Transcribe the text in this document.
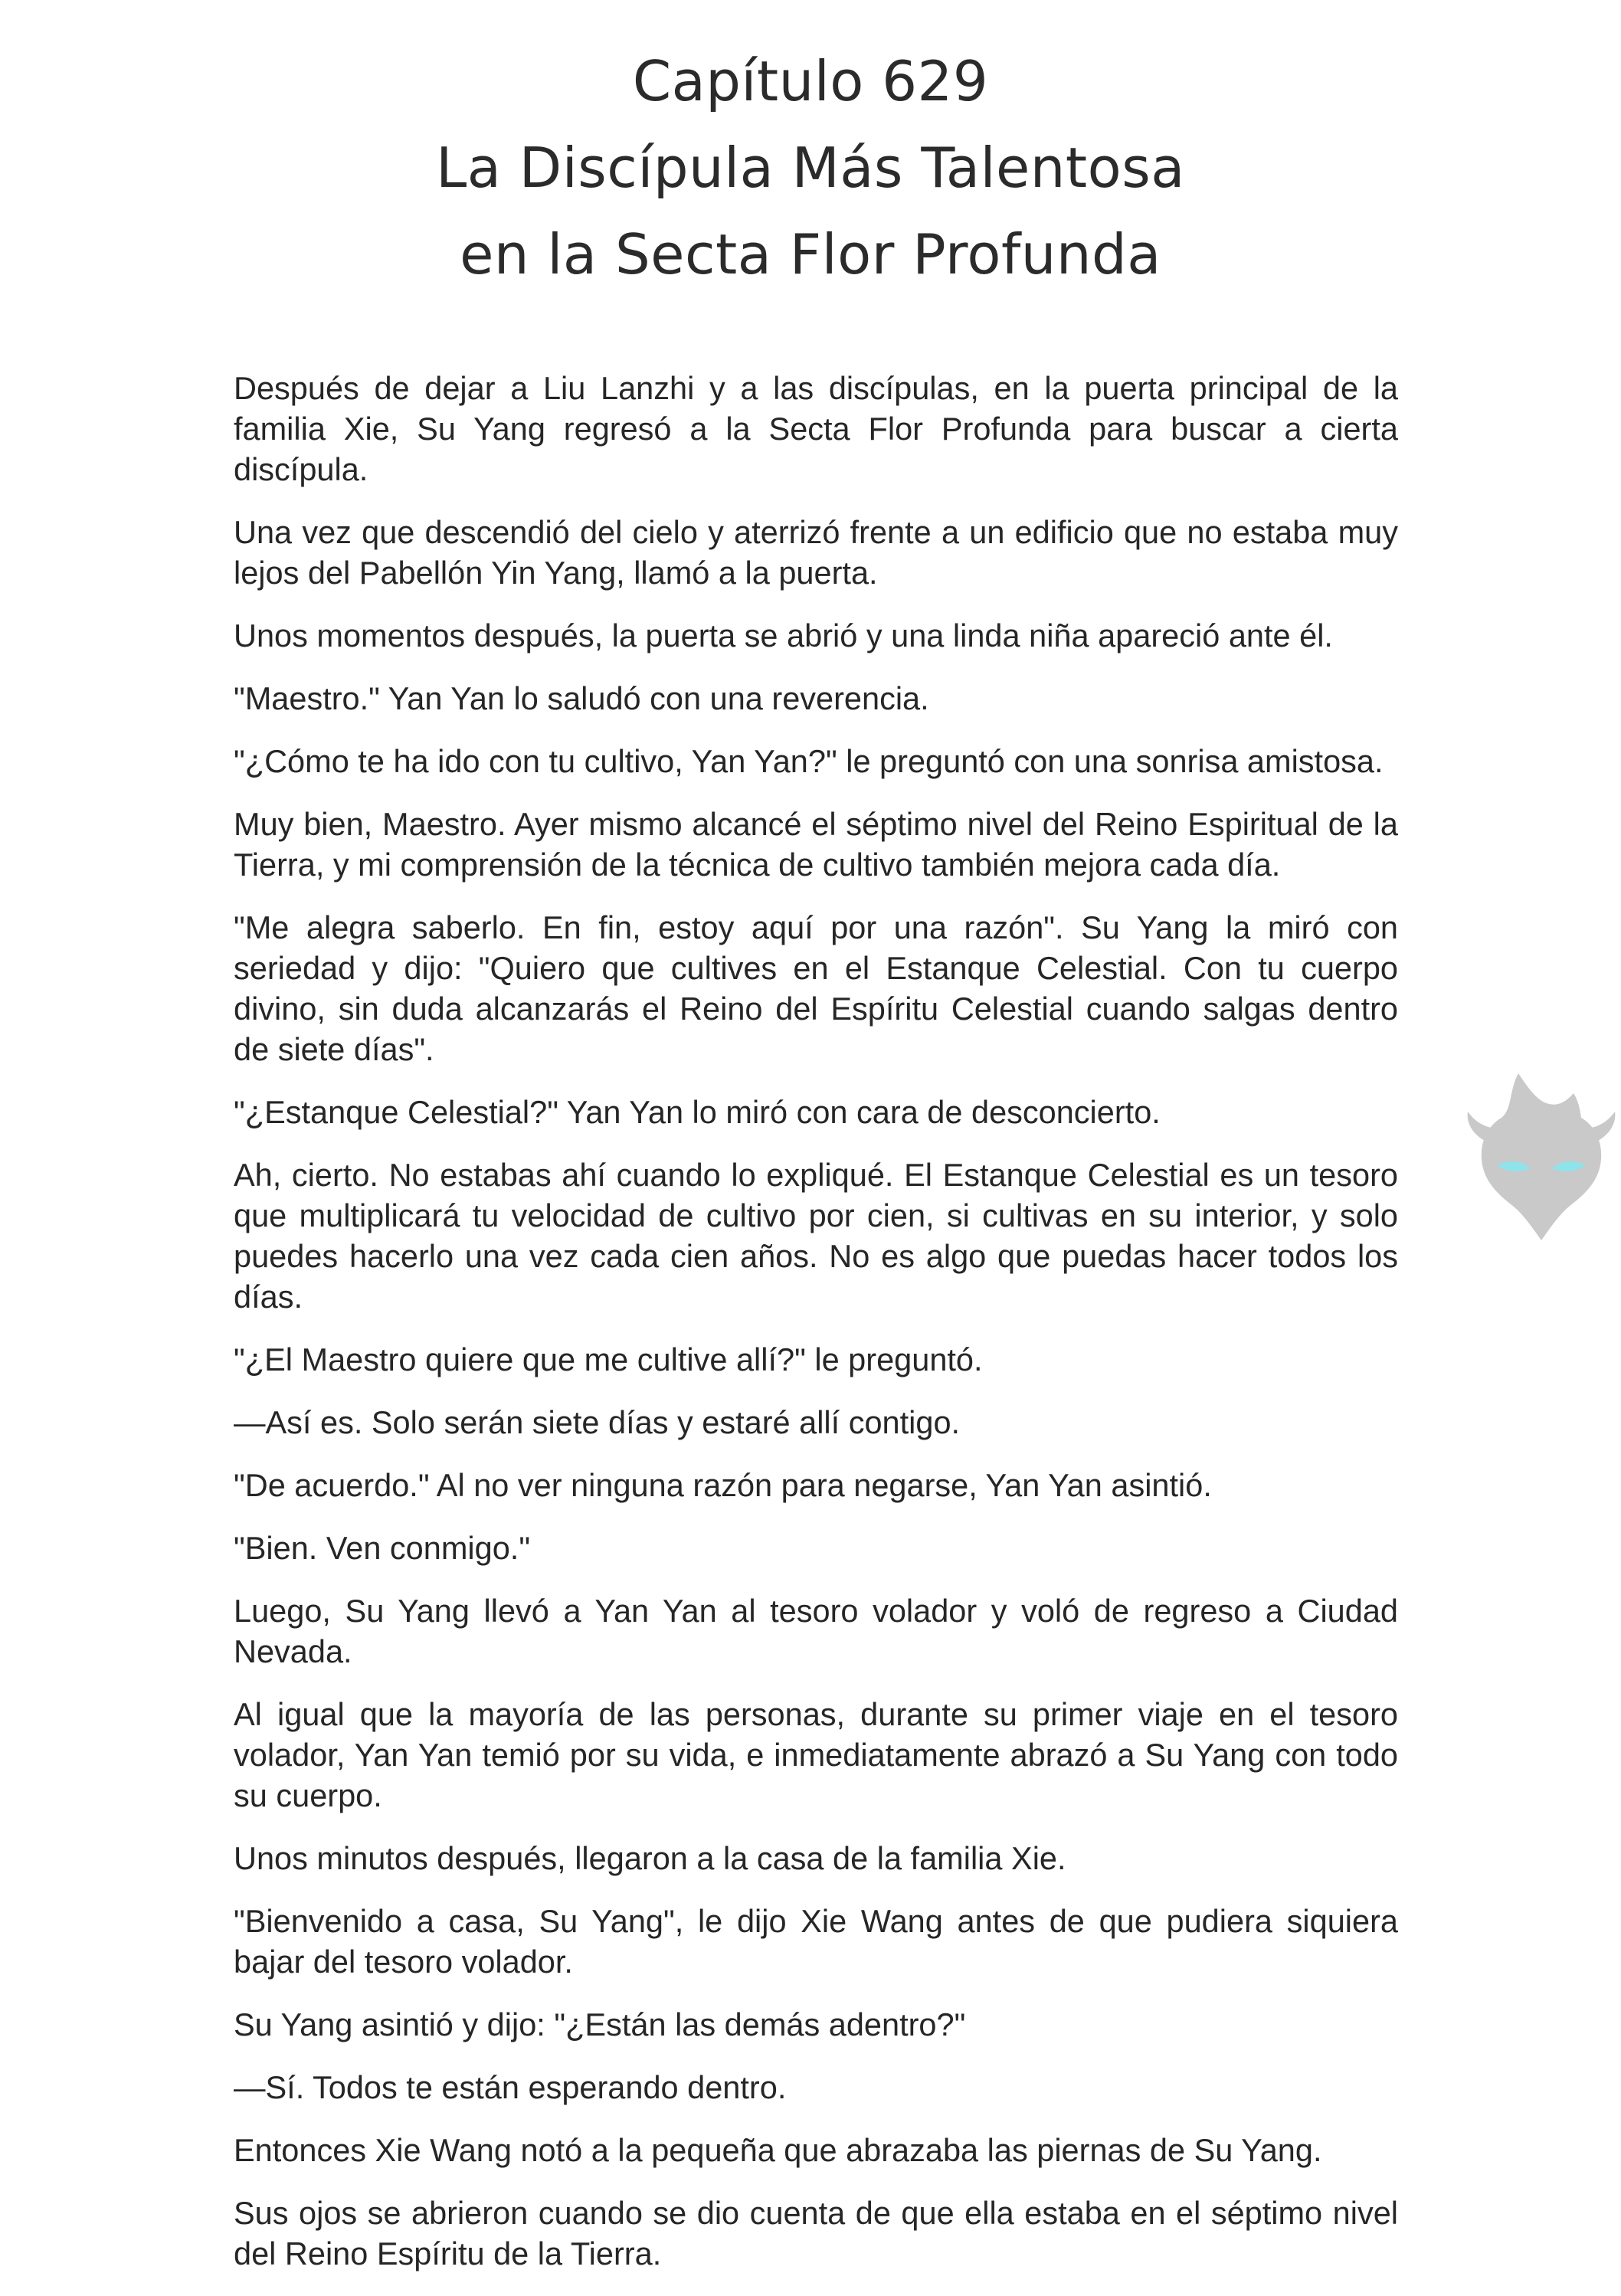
Capítulo 629
La Discípula Más Talentosa
en la Secta Flor Profunda

Después de dejar a Liu Lanzhi y a las discípulas, en la puerta principal de la familia Xie, Su Yang regresó a la Secta Flor Profunda para buscar a cierta discípula.

Una vez que descendió del cielo y aterrizó frente a un edificio que no estaba muy lejos del Pabellón Yin Yang, llamó a la puerta.

Unos momentos después, la puerta se abrió y una linda niña apareció ante él.

"Maestro." Yan Yan lo saludó con una reverencia.

"¿Cómo te ha ido con tu cultivo, Yan Yan?" le preguntó con una sonrisa amistosa.

Muy bien, Maestro. Ayer mismo alcancé el séptimo nivel del Reino Espiritual de la Tierra, y mi comprensión de la técnica de cultivo también mejora cada día.

"Me alegra saberlo. En fin, estoy aquí por una razón". Su Yang la miró con seriedad y dijo: "Quiero que cultives en el Estanque Celestial. Con tu cuerpo divino, sin duda alcanzarás el Reino del Espíritu Celestial cuando salgas dentro de siete días".

"¿Estanque Celestial?" Yan Yan lo miró con cara de desconcierto.

Ah, cierto. No estabas ahí cuando lo expliqué. El Estanque Celestial es un tesoro que multiplicará tu velocidad de cultivo por cien, si cultivas en su interior, y solo puedes hacerlo una vez cada cien años. No es algo que puedas hacer todos los días.

"¿El Maestro quiere que me cultive allí?" le preguntó.

—Así es. Solo serán siete días y estaré allí contigo.

"De acuerdo." Al no ver ninguna razón para negarse, Yan Yan asintió.

"Bien. Ven conmigo."

Luego, Su Yang llevó a Yan Yan al tesoro volador y voló de regreso a Ciudad Nevada.

Al igual que la mayoría de las personas, durante su primer viaje en el tesoro volador, Yan Yan temió por su vida, e inmediatamente abrazó a Su Yang con todo su cuerpo.

Unos minutos después, llegaron a la casa de la familia Xie.

"Bienvenido a casa, Su Yang", le dijo Xie Wang antes de que pudiera siquiera bajar del tesoro volador.

Su Yang asintió y dijo: "¿Están las demás adentro?"

—Sí. Todos te están esperando dentro.

Entonces Xie Wang notó a la pequeña que abrazaba las piernas de Su Yang.

Sus ojos se abrieron cuando se dio cuenta de que ella estaba en el séptimo nivel del Reino Espíritu de la Tierra.
